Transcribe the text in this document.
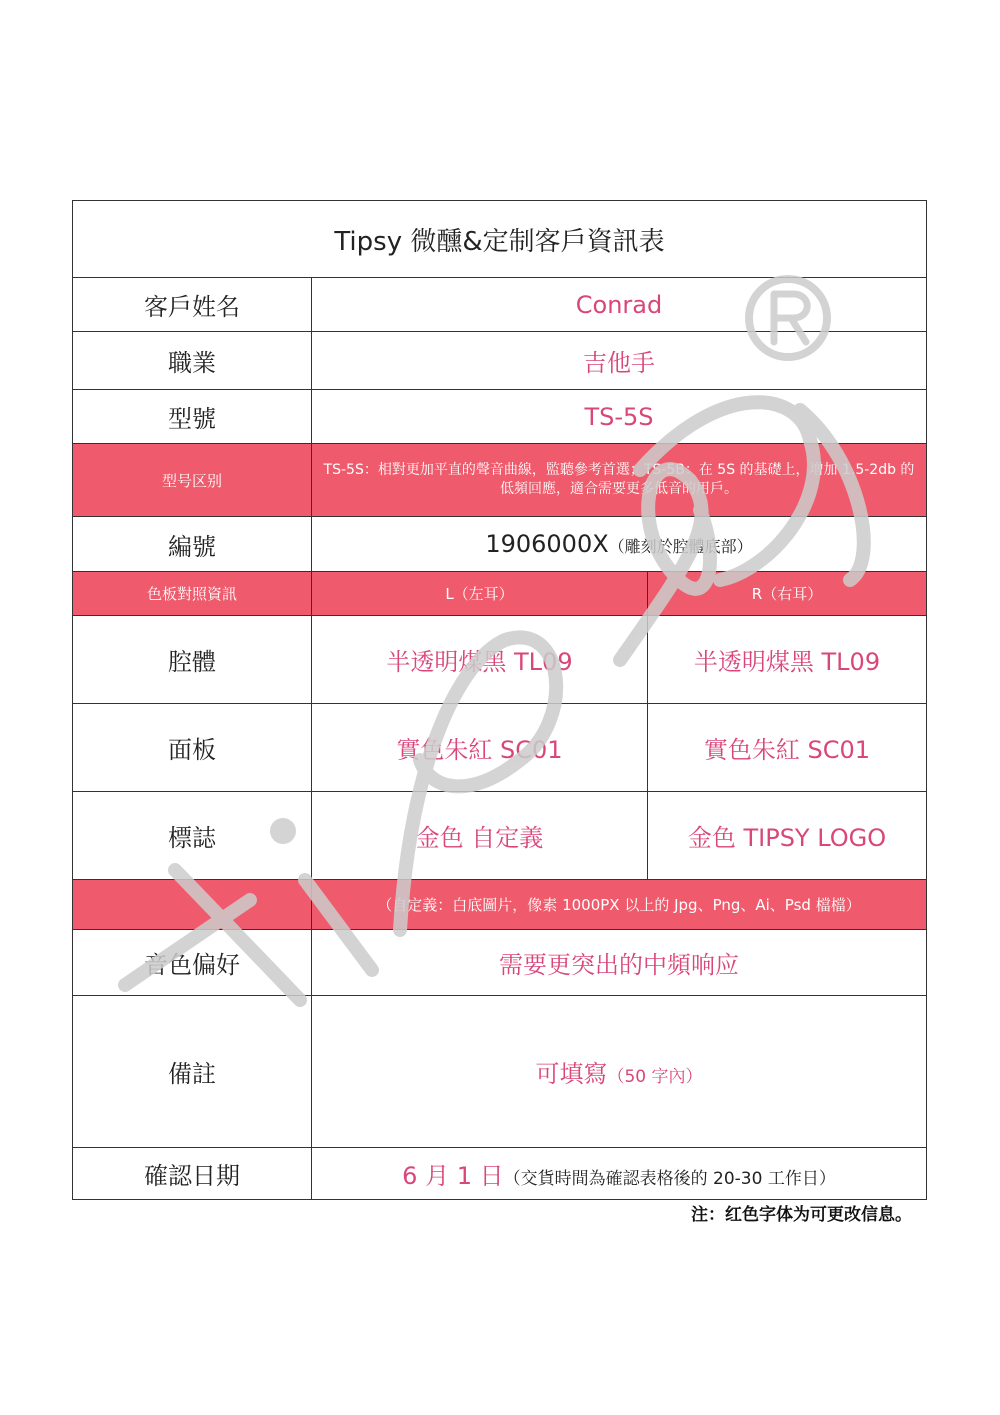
Tipsy 微醺&定制客戶資訊表		
客戶姓名	Conrad	
職業	吉他手	
型號	TS-5S	
型号区别	TS-5S：相對更加平直的聲音曲線，監聽參考首選；TS-5B：在 5S 的基礎上，增加 1.5-2db 的低頻回應，適合需要更多低音的用戶。	
編號	1906000X（雕刻於腔體底部）	
色板對照資訊	L（左耳）	R（右耳）
腔體	半透明煤黑 TL09	半透明煤黑 TL09
面板	實色朱紅 SC01	實色朱紅 SC01
標誌	金色 自定義	金色 TIPSY LOGO
	（自定義：白底圖片，像素 1000PX 以上的 Jpg、Png、Ai、Psd 檔檔）	
音色偏好	需要更突出的中頻响应	
備註	可填寫（50 字內）	
確認日期	6 月 1 日（交貨時間為確認表格後的 20-30 工作日）	
注：红色字体为可更改信息。
